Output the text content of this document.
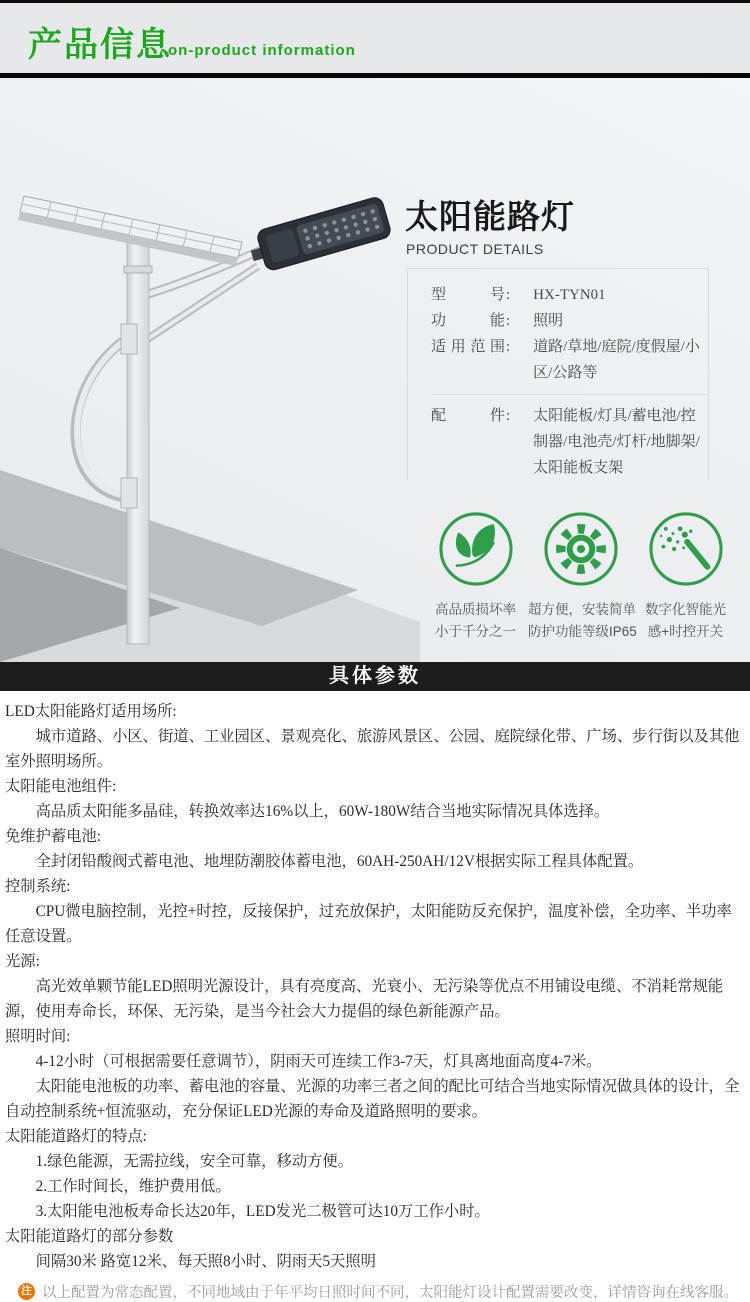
产品信息
on-product information
太阳能路灯
PRODUCT DETAILS
型号 : HX-TYN01
功能 : 照明
适用范围 : 道路/草地/庭院/度假屋/小区/公路等
配件 : 太阳能板/灯具/蓄电池/控制器/电池壳/灯杆/地脚架/太阳能板支架
高品质损坏率
小于千分之一
超方便，安装简单
防护功能等级IP65
数字化智能光
感+时控开关
具体参数

LED太阳能路灯适用场所:

　　城市道路、小区、街道、工业园区、景观亮化、旅游风景区、公园、庭院绿化带、广场、步行街以及其他室外照明场所。

太阳能电池组件:

　　高品质太阳能多晶硅，转换效率达16%以上，60W-180W结合当地实际情况具体选择。

免维护蓄电池:

　　全封闭铅酸阀式蓄电池、地埋防潮胶体蓄电池，60AH-250AH/12V根据实际工程具体配置。

控制系统:

　　CPU微电脑控制，光控+时控，反接保护，过充放保护，太阳能防反充保护，温度补偿，全功率、半功率任意设置。

光源:

　　高光效单颗节能LED照明光源设计，具有亮度高、光衰小、无污染等优点不用铺设电缆、不消耗常规能源，使用寿命长，环保、无污染，是当今社会大力提倡的绿色新能源产品。

照明时间:

　　4-12小时（可根据需要任意调节），阴雨天可连续工作3-7天，灯具离地面高度4-7米。

　　太阳能电池板的功率、蓄电池的容量、光源的功率三者之间的配比可结合当地实际情况做具体的设计，全自动控制系统+恒流驱动，充分保证LED光源的寿命及道路照明的要求。

太阳能道路灯的特点:

　　1.绿色能源，无需拉线，安全可靠，移动方便。

　　2.工作时间长，维护费用低。

　　3.太阳能电池板寿命长达20年，LED发光二极管可达10万工作小时。

太阳能道路灯的部分参数

　　间隔30米 路宽12米、每天照8小时、阴雨天5天照明

注 以上配置为常态配置，不同地域由于年平均日照时间不同，太阳能灯设计配置需要改变，详情咨询在线客服。
